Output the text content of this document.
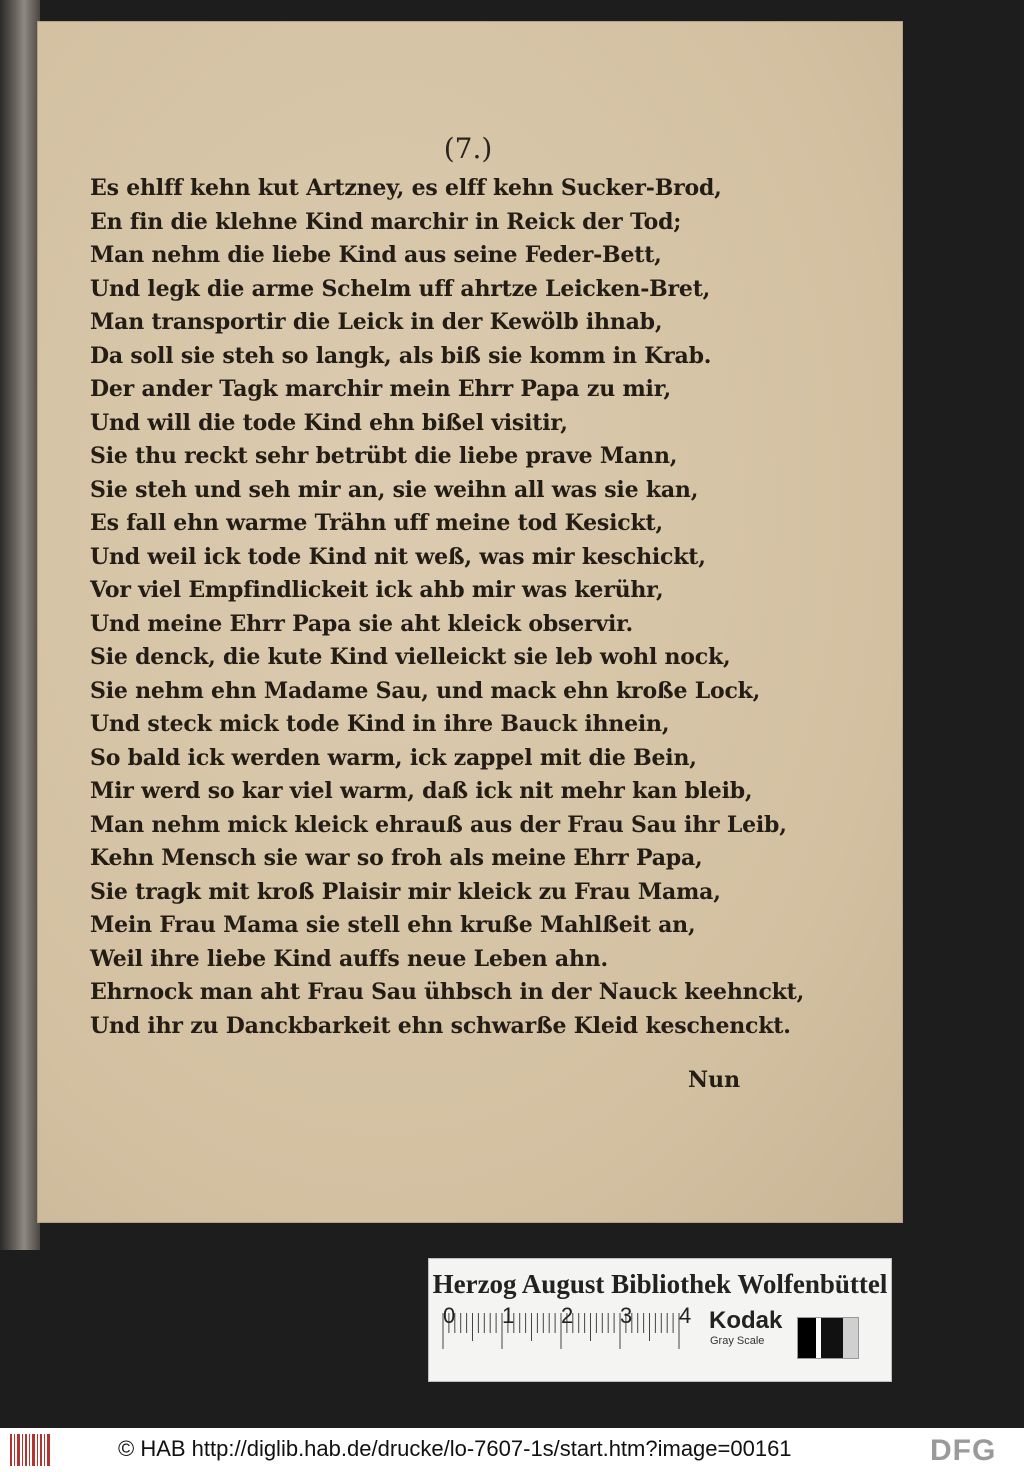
(7.)
Es ehlff kehn kut Artzney, es elff kehn Sucker-Brod,
En fin die klehne Kind marchir in Reick der Tod;
Man nehm die liebe Kind aus seine Feder-Bett,
Und legk die arme Schelm uff ahrtze Leicken-Bret,
Man transportir die Leick in der Kewölb ihnab,
Da soll sie steh so langk, als biß sie komm in Krab.
Der ander Tagk marchir mein Ehrr Papa zu mir,
Und will die tode Kind ehn bißel visitir,
Sie thu reckt sehr betrübt die liebe prave Mann,
Sie steh und seh mir an, sie weihn all was sie kan,
Es fall ehn warme Trähn uff meine tod Kesickt,
Und weil ick tode Kind nit weß, was mir keschickt,
Vor viel Empfindlickeit ick ahb mir was kerühr,
Und meine Ehrr Papa sie aht kleick observir.
Sie denck, die kute Kind vielleickt sie leb wohl nock,
Sie nehm ehn Madame Sau, und mack ehn kroße Lock,
Und steck mick tode Kind in ihre Bauck ihnein,
So bald ick werden warm, ick zappel mit die Bein,
Mir werd so kar viel warm, daß ick nit mehr kan bleib,
Man nehm mick kleick ehrauß aus der Frau Sau ihr Leib,
Kehn Mensch sie war so froh als meine Ehrr Papa,
Sie tragk mit kroß Plaisir mir kleick zu Frau Mama,
Mein Frau Mama sie stell ehn kruße Mahlßeit an,
Weil ihre liebe Kind auffs neue Leben ahn.
Ehrnock man aht Frau Sau ühbsch in der Nauck keehnckt,
Und ihr zu Danckbarkeit ehn schwarße Kleid keschenckt.
Nun
Herzog August Bibliothek Wolfenbüttel
0 1 2 3 4 Kodak
Gray Scale
© HAB http://diglib.hab.de/drucke/lo-7607-1s/start.htm?image=00161	DFG
